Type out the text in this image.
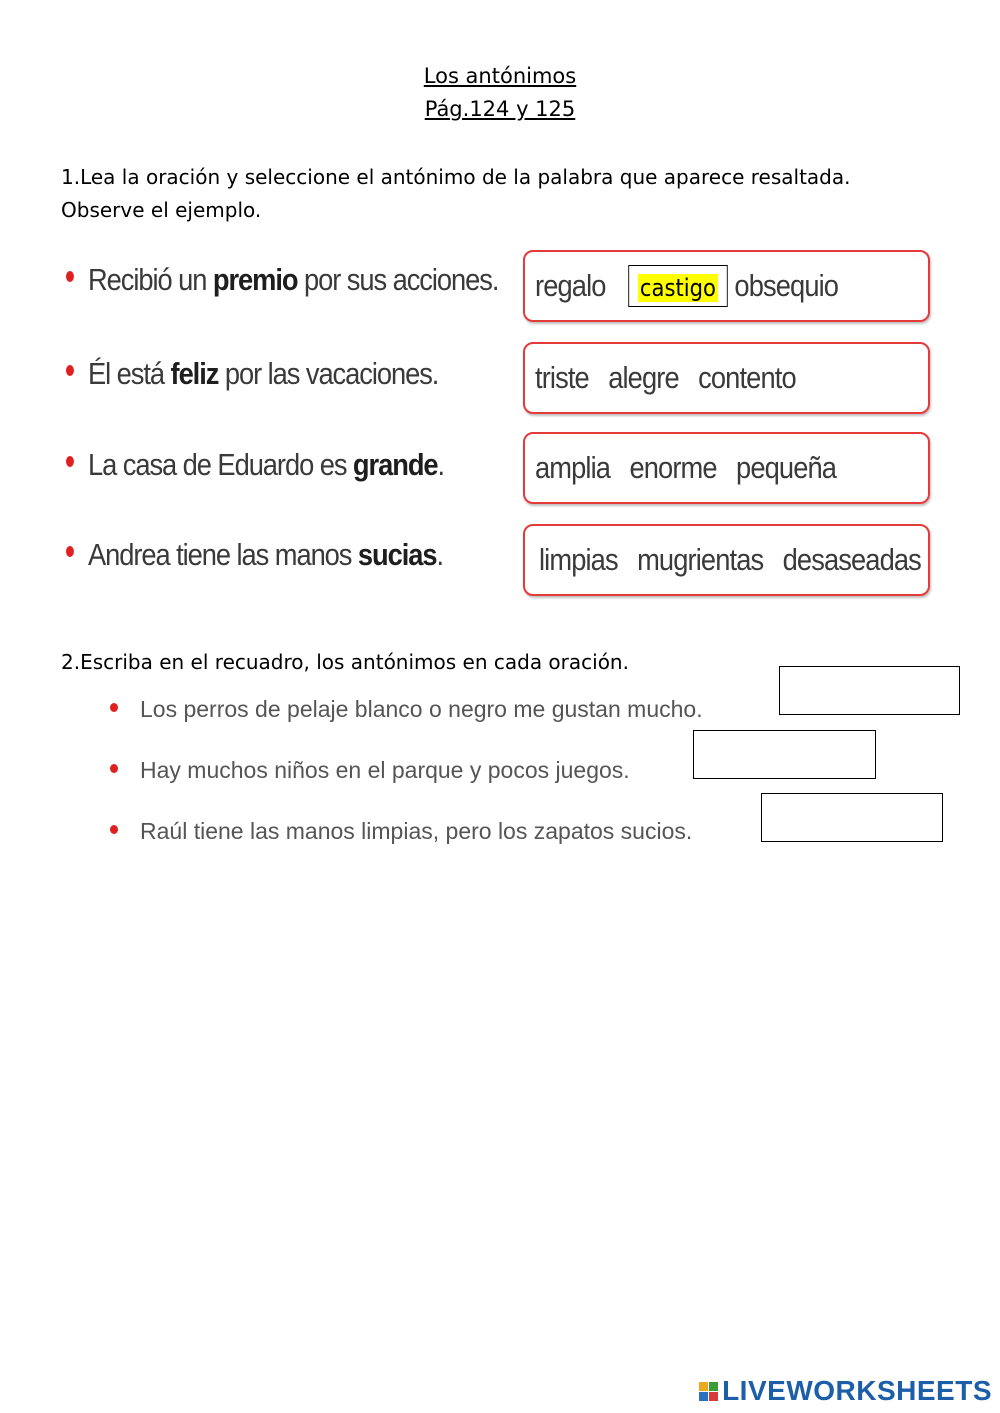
Los antónimos
Pág.124 y 125
1.Lea la oración y seleccione el antónimo de la palabra que aparece resaltada.
Observe el ejemplo.
Recibió un premio por sus acciones.
Él está feliz por las vacaciones.
La casa de Eduardo es grande.
Andrea tiene las manos sucias.
regalo	castigo obsequio
triste alegre contento
amplia enorme pequeña
limpias mugrientas desaseadas
2.Escriba en el recuadro, los antónimos en cada oración.
Los perros de pelaje blanco o negro me gustan mucho.
Hay muchos niños en el parque y pocos juegos.
Raúl tiene las manos limpias, pero los zapatos sucios.
LIVEWORKSHEETS
